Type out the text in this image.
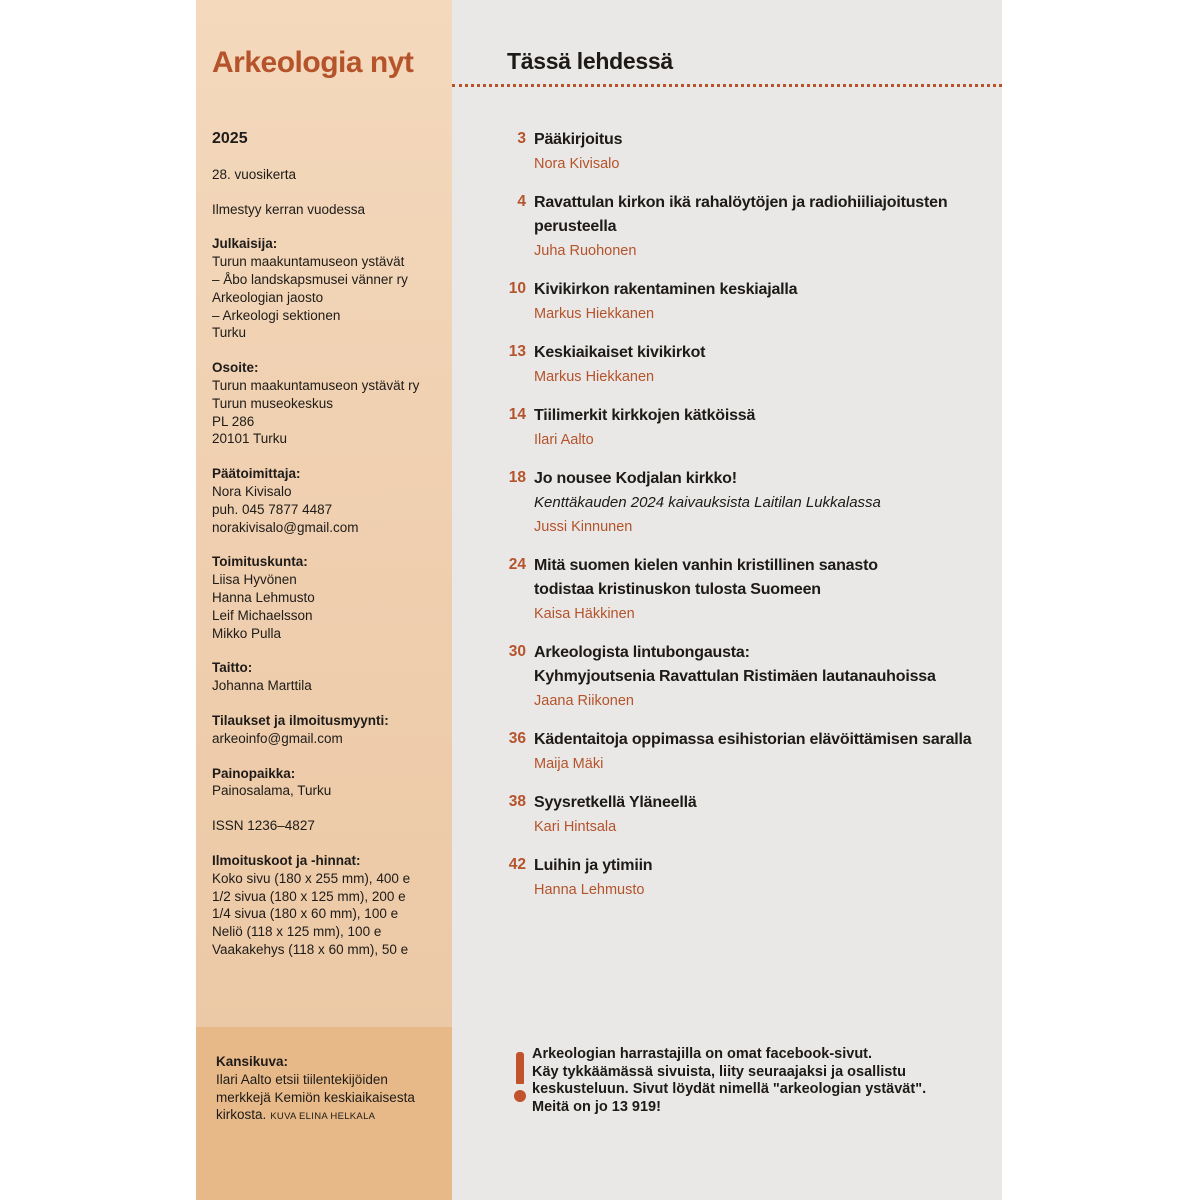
Arkeologia nyt

2025

28. vuosikerta

Ilmestyy kerran vuodessa

Julkaisija:

Turun maakuntamuseon ystävät

– Åbo landskapsmusei vänner ry

Arkeologian jaosto

– Arkeologi sektionen

Turku

Osoite:

Turun maakuntamuseon ystävät ry

Turun museokeskus

PL 286

20101 Turku

Päätoimittaja:

Nora Kivisalo

puh. 045 7877 4487

norakivisalo@gmail.com

Toimituskunta:

Liisa Hyvönen

Hanna Lehmusto

Leif Michaelsson

Mikko Pulla

Taitto:

Johanna Marttila

Tilaukset ja ilmoitusmyynti:

arkeoinfo@gmail.com

Painopaikka:

Painosalama, Turku

ISSN 1236–4827

Ilmoituskoot ja -hinnat:

Koko sivu (180 x 255 mm), 400 e

1/2 sivua (180 x 125 mm), 200 e

1/4 sivua (180 x 60 mm), 100 e

Neliö (118 x 125 mm), 100 e

Vaakakehys (118 x 60 mm), 50 e

Kansikuva:

Ilari Aalto etsii tiilentekijöiden merkkejä Kemiön keskiaikaisesta kirkosta. KUVA ELINA HELKALA
Tässä lehdessä
3 Pääkirjoitus

Nora Kivisalo

4 Ravattulan kirkon ikä rahalöytöjen ja radiohiiliajoitusten

perusteella

Juha Ruohonen

10 Kivikirkon rakentaminen keskiajalla

Markus Hiekkanen

13 Keskiaikaiset kivikirkot

Markus Hiekkanen

14 Tiilimerkit kirkkojen kätköissä

Ilari Aalto

18 Jo nousee Kodjalan kirkko!

Kenttäkauden 2024 kaivauksista Laitilan Lukkalassa

Jussi Kinnunen

24 Mitä suomen kielen vanhin kristillinen sanasto

todistaa kristinuskon tulosta Suomeen

Kaisa Häkkinen

30 Arkeologista lintubongausta:

Kyhmyjoutsenia Ravattulan Ristimäen lautanauhoissa

Jaana Riikonen

36 Kädentaitoja oppimassa esihistorian elävöittämisen saralla

Maija Mäki

38 Syysretkellä Yläneellä

Kari Hintsala

42 Luihin ja ytimiin

Hanna Lehmusto

Arkeologian harrastajilla on omat facebook-sivut.

Käy tykkäämässä sivuista, liity seuraajaksi ja osallistu

keskusteluun. Sivut löydät nimellä "arkeologian ystävät".

Meitä on jo 13 919!
